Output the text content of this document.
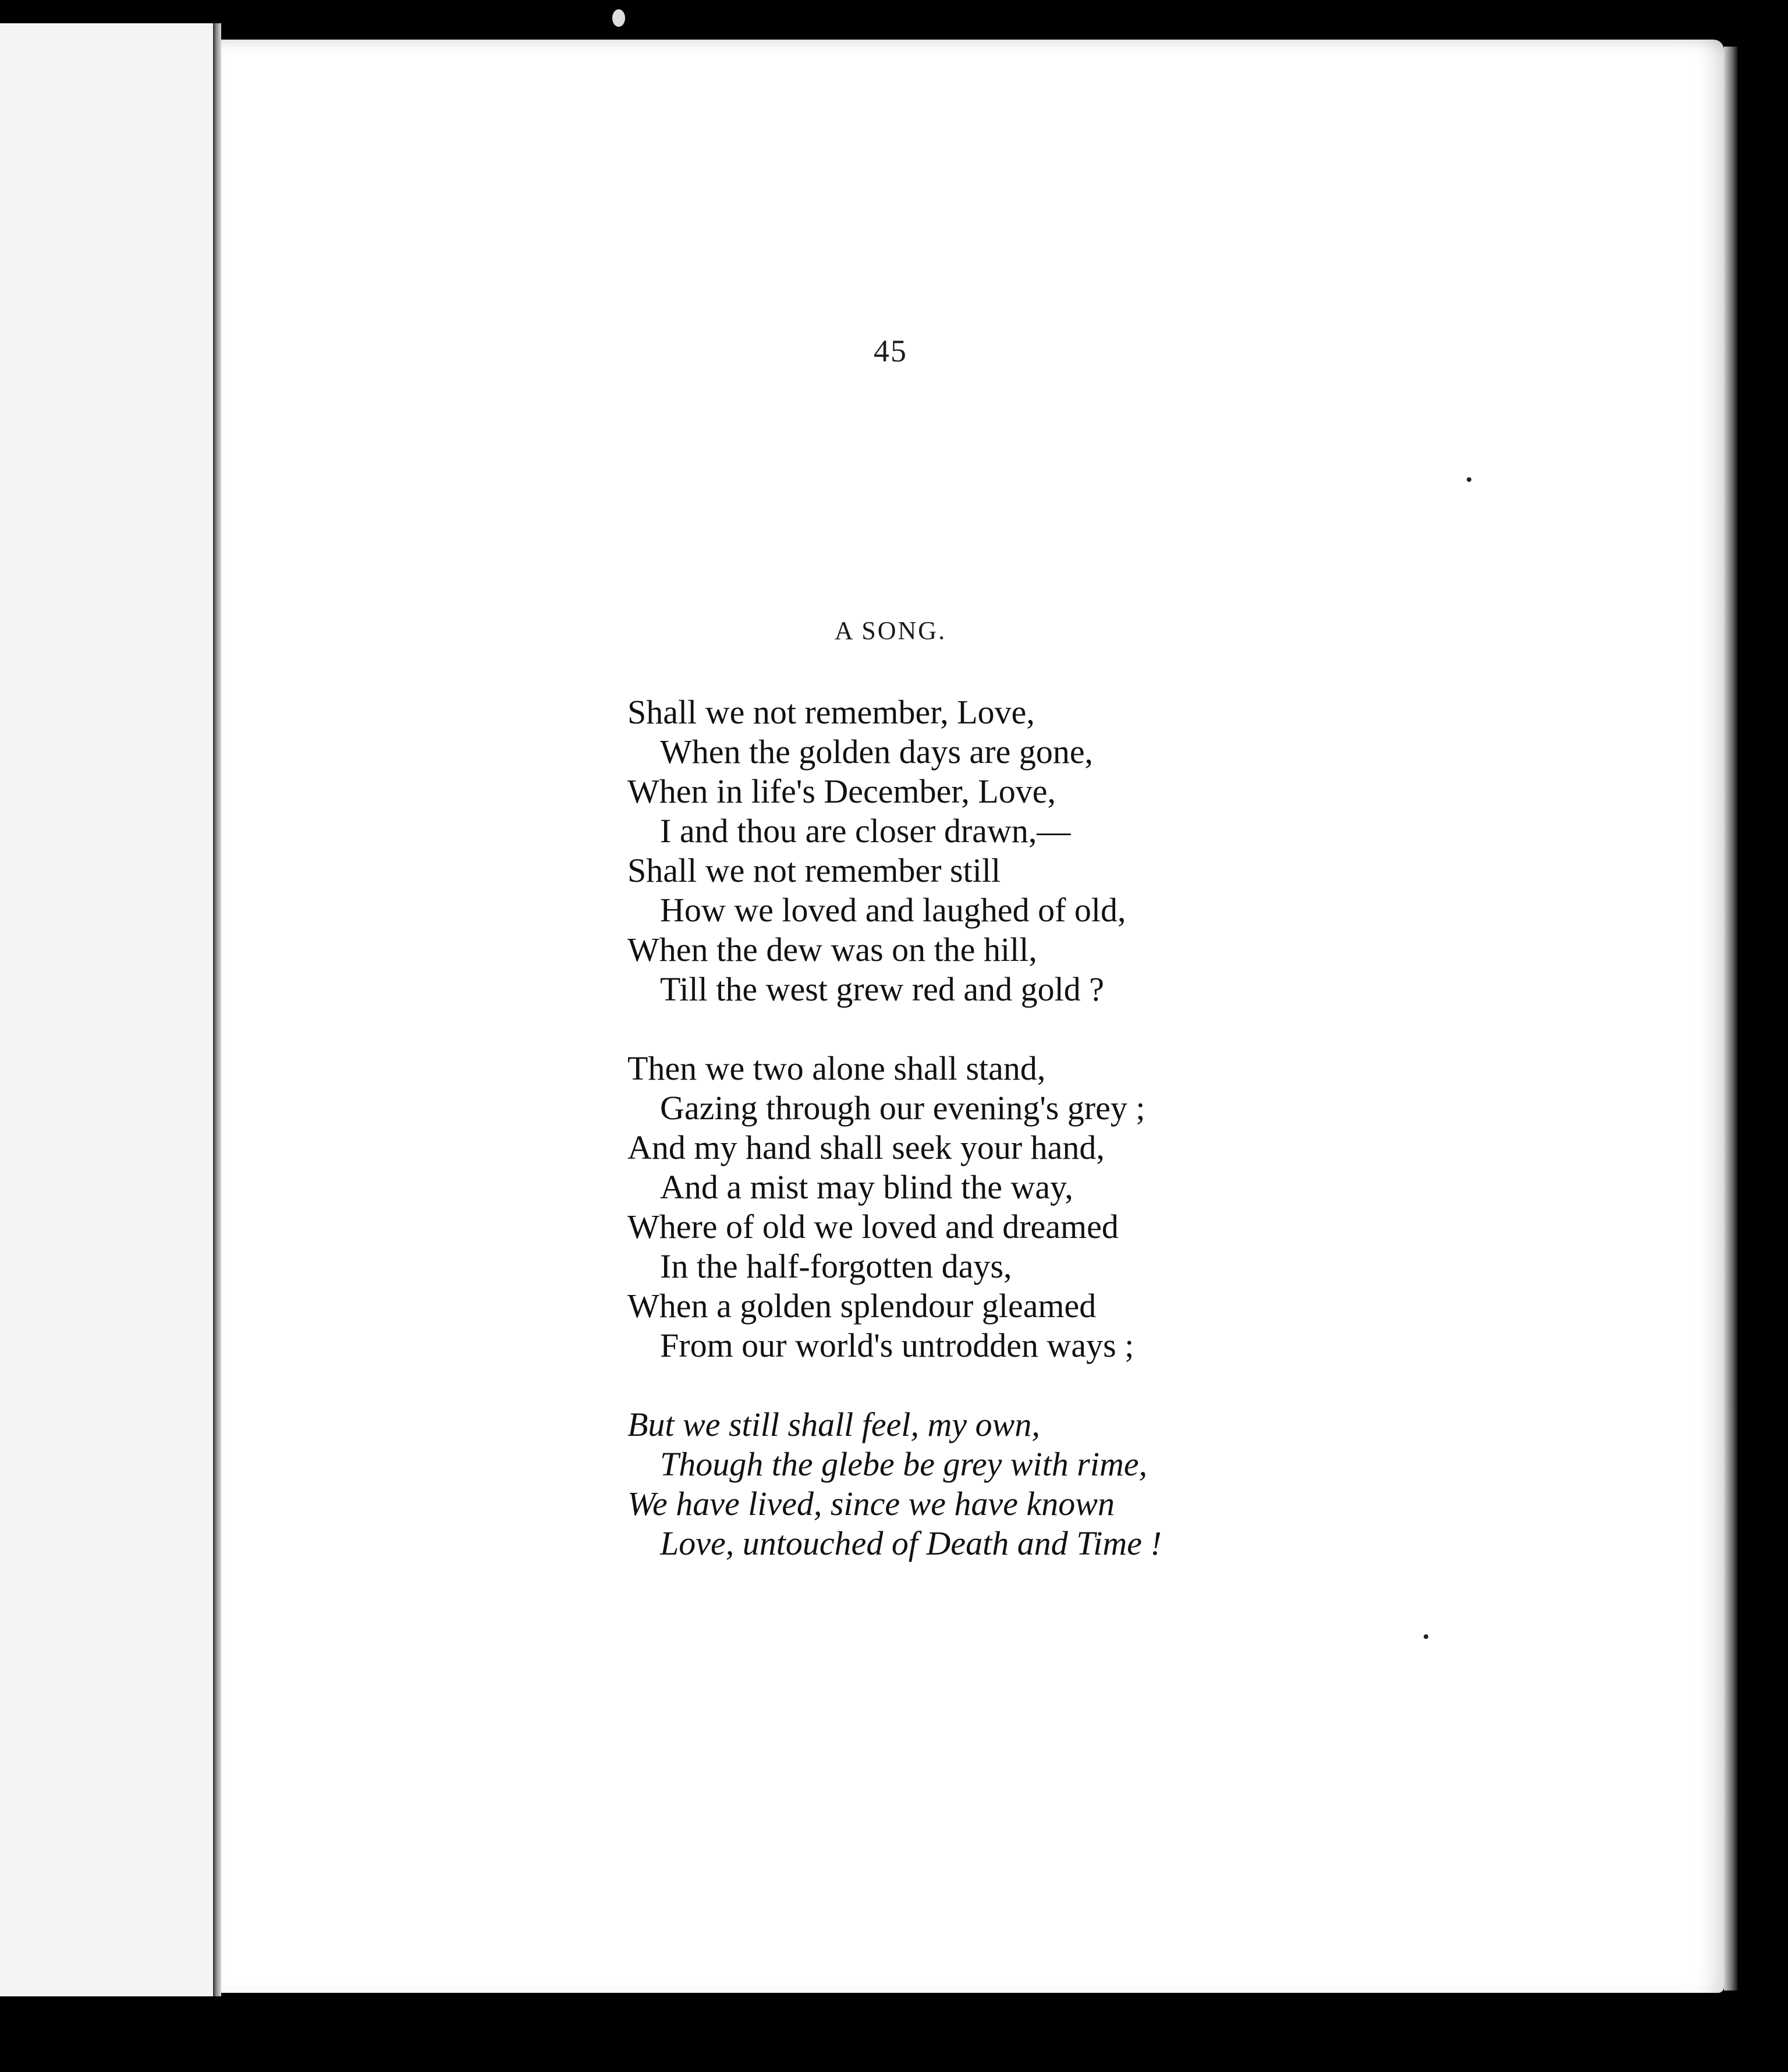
45
A SONG.
Shall we not remember, Love,
When the golden days are gone,
When in life's December, Love,
I and thou are closer drawn,—
Shall we not remember still
How we loved and laughed of old,
When the dew was on the hill,
Till the west grew red and gold ?
Then we two alone shall stand,
Gazing through our evening's grey ;
And my hand shall seek your hand,
And a mist may blind the way,
Where of old we loved and dreamed
In the half-forgotten days,
When a golden splendour gleamed
From our world's untrodden ways ;
But we still shall feel, my own,
Though the glebe be grey with rime,
We have lived, since we have known
Love, untouched of Death and Time !
